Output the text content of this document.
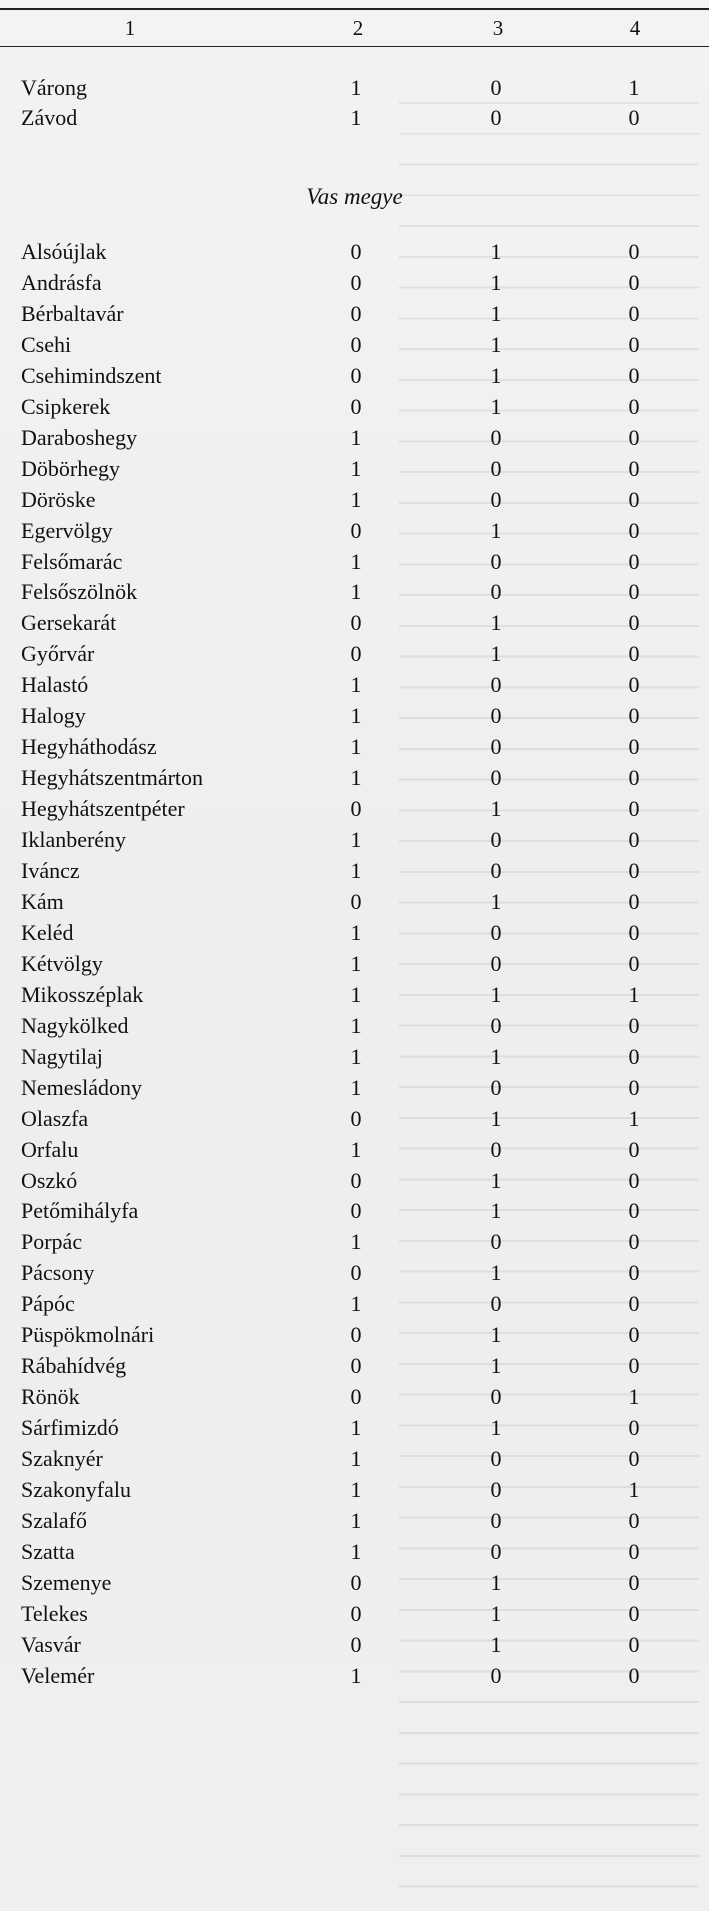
1	2	3	4
Várong	1	0	1
Závod	1	0	0
Vas megye
Alsóújlak	0	1	0
Andrásfa	0	1	0
Bérbaltavár	0	1	0
Csehi	0	1	0
Csehimindszent	0	1	0
Csipkerek	0	1	0
Daraboshegy	1	0	0
Döbörhegy	1	0	0
Döröske	1	0	0
Egervölgy	0	1	0
Felsőmarác	1	0	0
Felsőszölnök	1	0	0
Gersekarát	0	1	0
Győrvár	0	1	0
Halastó	1	0	0
Halogy	1	0	0
Hegyháthodász	1	0	0
Hegyhátszentmárton	1	0	0
Hegyhátszentpéter	0	1	0
Iklanberény	1	0	0
Iváncz	1	0	0
Kám	0	1	0
Keléd	1	0	0
Kétvölgy	1	0	0
Mikosszéplak	1	1	1
Nagykölked	1	0	0
Nagytilaj	1	1	0
Nemesládony	1	0	0
Olaszfa	0	1	1
Orfalu	1	0	0
Oszkó	0	1	0
Petőmihályfa	0	1	0
Porpác	1	0	0
Pácsony	0	1	0
Pápóc	1	0	0
Püspökmolnári	0	1	0
Rábahídvég	0	1	0
Rönök	0	0	1
Sárfimizdó	1	1	0
Szaknyér	1	0	0
Szakonyfalu	1	0	1
Szalafő	1	0	0
Szatta	1	0	0
Szemenye	0	1	0
Telekes	0	1	0
Vasvár	0	1	0
Velemér	1	0	0
